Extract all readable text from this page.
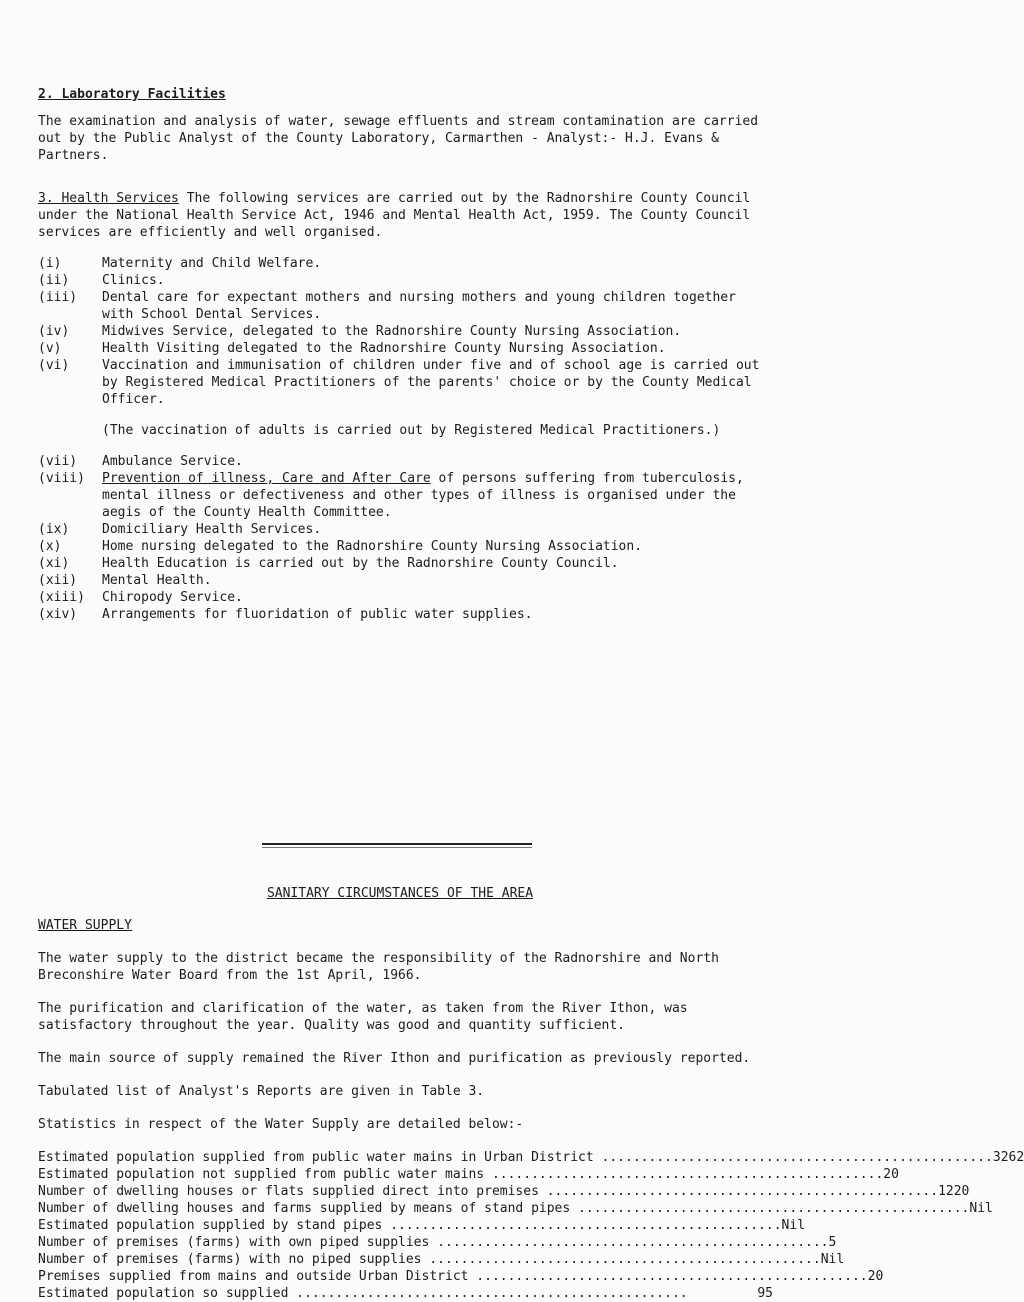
2. Laboratory Facilities

The examination and analysis of water, sewage effluents and stream contamination are carried out by the Public Analyst of the County Laboratory, Carmarthen - Analyst:- H.J. Evans & Partners.

3. Health Services The following services are carried out by the Radnorshire County Council under the National Health Service Act, 1946 and Mental Health Act, 1959. The County Council services are efficiently and well organised.

(i)	Maternity and Child Welfare.
(ii)	Clinics.
(iii)	Dental care for expectant mothers and nursing mothers and young children together with School Dental Services.
(iv)	Midwives Service, delegated to the Radnorshire County Nursing Association.
(v)	Health Visiting delegated to the Radnorshire County Nursing Association.
(vi)	Vaccination and immunisation of children under five and of school age is carried out by Registered Medical Practitioners of the parents' choice or by the County Medical Officer.

(The vaccination of adults is carried out by Registered Medical Practitioners.)

(vii)	Ambulance Service.
(viii)	Prevention of illness, Care and After Care of persons suffering from tuberculosis, mental illness or defectiveness and other types of illness is organised under the aegis of the County Health Committee.
(ix)	Domiciliary Health Services.
(x)	Home nursing delegated to the Radnorshire County Nursing Association.
(xi)	Health Education is carried out by the Radnorshire County Council.
(xii)	Mental Health.
(xiii)	Chiropody Service.
(xiv)	Arrangements for fluoridation of public water supplies.
SANITARY CIRCUMSTANCES OF THE AREA
WATER SUPPLY

The water supply to the district became the responsibility of the Radnorshire and North Breconshire Water Board from the 1st April, 1966.

The purification and clarification of the water, as taken from the River Ithon, was satisfactory throughout the year. Quality was good and quantity sufficient.

The main source of supply remained the River Ithon and purification as previously reported.

Tabulated list of Analyst's Reports are given in Table 3.

Statistics in respect of the Water Supply are detailed below:-

Estimated population supplied from public water mains in Urban District .................................................. 3262
Estimated population not supplied from public water mains .................................................. 20
Number of dwelling houses or flats supplied direct into premises .................................................. 1220
Number of dwelling houses and farms supplied by means of stand pipes .................................................. Nil
Estimated population supplied by stand pipes .................................................. Nil
Number of premises (farms) with own piped supplies .................................................. 5
Number of premises (farms) with no piped supplies .................................................. Nil
Premises supplied from mains and outside Urban District .................................................. 20
Estimated population so supplied ..................................................	95
